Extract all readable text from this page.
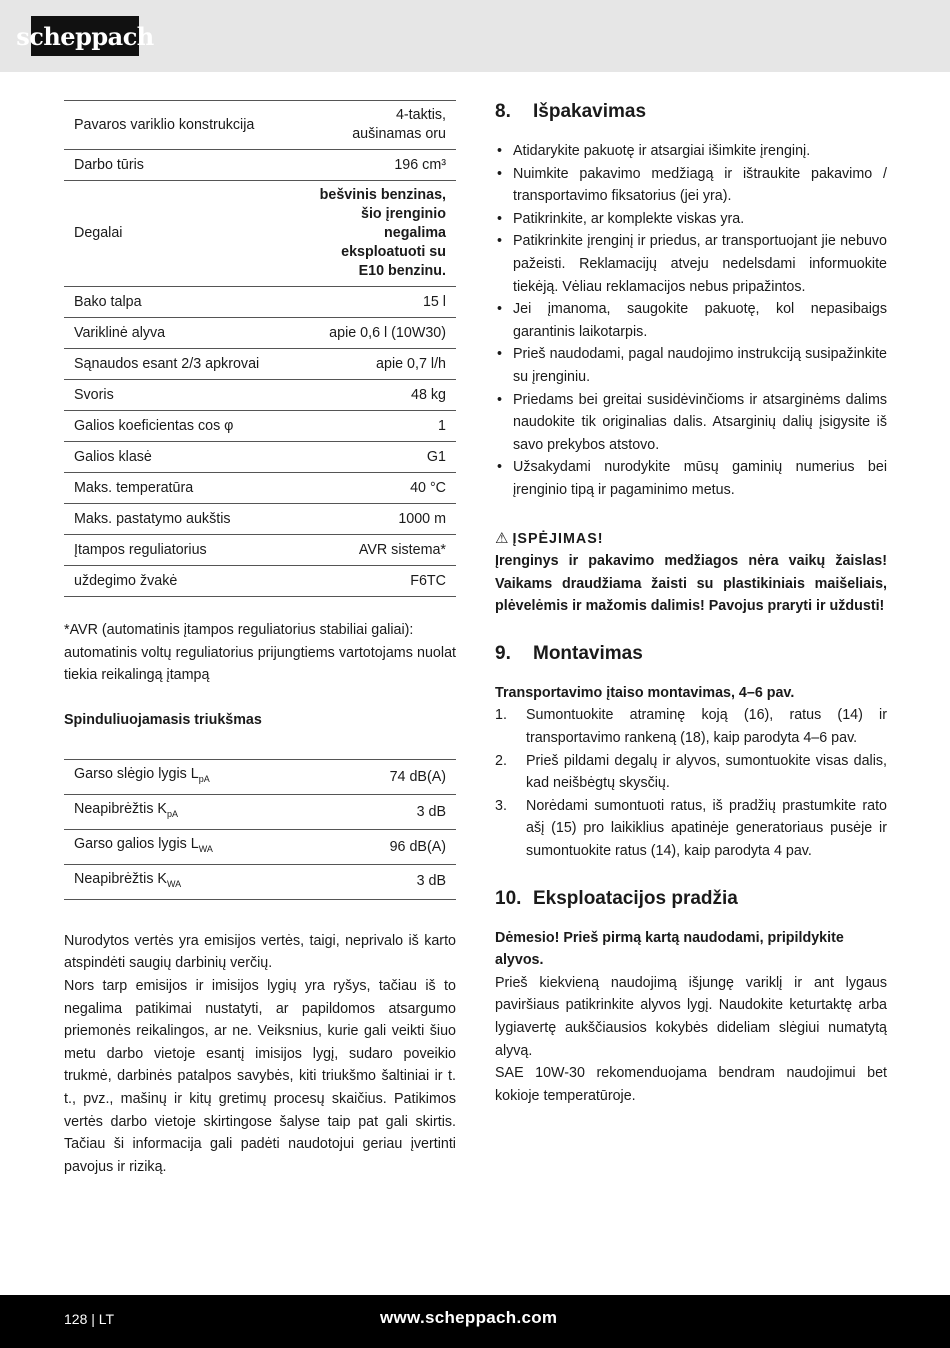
scheppach
Pavaros variklio konstrukcija	4-taktis,
aušinamas oru
Darbo tūris	196 cm³
Degalai	bešvinis benzinas,
šio įrenginio
negalima
eksploatuoti su
E10 benzinu.
Bako talpa	15 l
Variklinė alyva	apie 0,6 l (10W30)
Sąnaudos esant 2/3 apkrovai	apie 0,7 l/h
Svoris	48 kg
Galios koeficientas cos φ	1
Galios klasė	G1
Maks. temperatūra	40 °C
Maks. pastatymo aukštis	1000 m
Įtampos reguliatorius	AVR sistema*
uždegimo žvakė	F6TC

*AVR (automatinis įtampos reguliatorius stabiliai galiai):
automatinis voltų reguliatorius prijungtiems vartotojams nuolat tiekia reikalingą įtampą

Spinduliuojamasis triukšmas
Garso slėgio lygis $L_{pA}$	74 dB(A)
Neapibrėžtis $K_{pA}$	3 dB
Garso galios lygis $L_{WA}$	96 dB(A)
Neapibrėžtis $K_{WA}$	3 dB

Nurodytos vertės yra emisijos vertės, taigi, neprivalo iš karto atspindėti saugių darbinių verčių.
Nors tarp emisijos ir imisijos lygių yra ryšys, tačiau iš to negalima patikimai nustatyti, ar papildomos atsargumo priemonės reikalingos, ar ne. Veiksnius, kurie gali veikti šiuo metu darbo vietoje esantį imisijos lygį, sudaro poveikio trukmė, darbinės patalpos savybės, kiti triukšmo šaltiniai ir t. t., pvz., mašinų ir kitų gretimų procesų skaičius. Patikimos vertės darbo vietoje skirtingose šalyse taip pat gali skirtis. Tačiau ši informacija gali padėti naudotojui geriau įvertinti pavojus ir riziką.

8.	Išpakavimas
• Atidarykite pakuotę ir atsargiai išimkite įrenginį.
• Nuimkite pakavimo medžiagą ir ištraukite pakavimo / transportavimo fiksatorius (jei yra).
• Patikrinkite, ar komplekte viskas yra.
• Patikrinkite įrenginį ir priedus, ar transportuojant jie nebuvo pažeisti. Reklamacijų atveju nedelsdami informuokite tiekėją. Vėliau reklamacijos nebus pripažintos.
• Jei įmanoma, saugokite pakuotę, kol nepasibaigs garantinis laikotarpis.
• Prieš naudodami, pagal naudojimo instrukciją susipažinkite su įrenginiu.
• Priedams bei greitai susidėvinčioms ir atsarginėms dalims naudokite tik originalias dalis. Atsarginių dalių įsigysite iš savo prekybos atstovo.
• Užsakydami nurodykite mūsų gaminių numerius bei įrenginio tipą ir pagaminimo metus.
⚠ ĮSPĖJIMAS!

Įrenginys ir pakavimo medžiagos nėra vaikų žaislas! Vaikams draudžiama žaisti su plastikiniais maišeliais, plėvelėmis ir mažomis dalimis! Pavojus praryti ir uždusti!

9.	Montavimas
Transportavimo įtaiso montavimas, 4–6 pav.
1. Sumontuokite atraminę koją (16), ratus (14) ir transportavimo rankeną (18), kaip parodyta 4–6 pav.
2. Prieš pildami degalų ir alyvos, sumontuokite visas dalis, kad neišbėgtų skysčių.
3. Norėdami sumontuoti ratus, iš pradžių prastumkite rato ašį (15) pro laikiklius apatinėje generatoriaus pusėje ir sumontuokite ratus (14), kaip parodyta 4 pav.
10. Eksploatacijos pradžia
Dėmesio! Prieš pirmą kartą naudodami, pripildykite alyvos.

Prieš kiekvieną naudojimą išjungę variklį ir ant lygaus paviršiaus patikrinkite alyvos lygį. Naudokite keturtaktę arba lygiavertę aukščiausios kokybės dideliam slėgiui numatytą alyvą.
SAE 10W-30 rekomenduojama bendram naudojimui bet kokioje temperatūroje.

128 | LT	www.scheppach.com
